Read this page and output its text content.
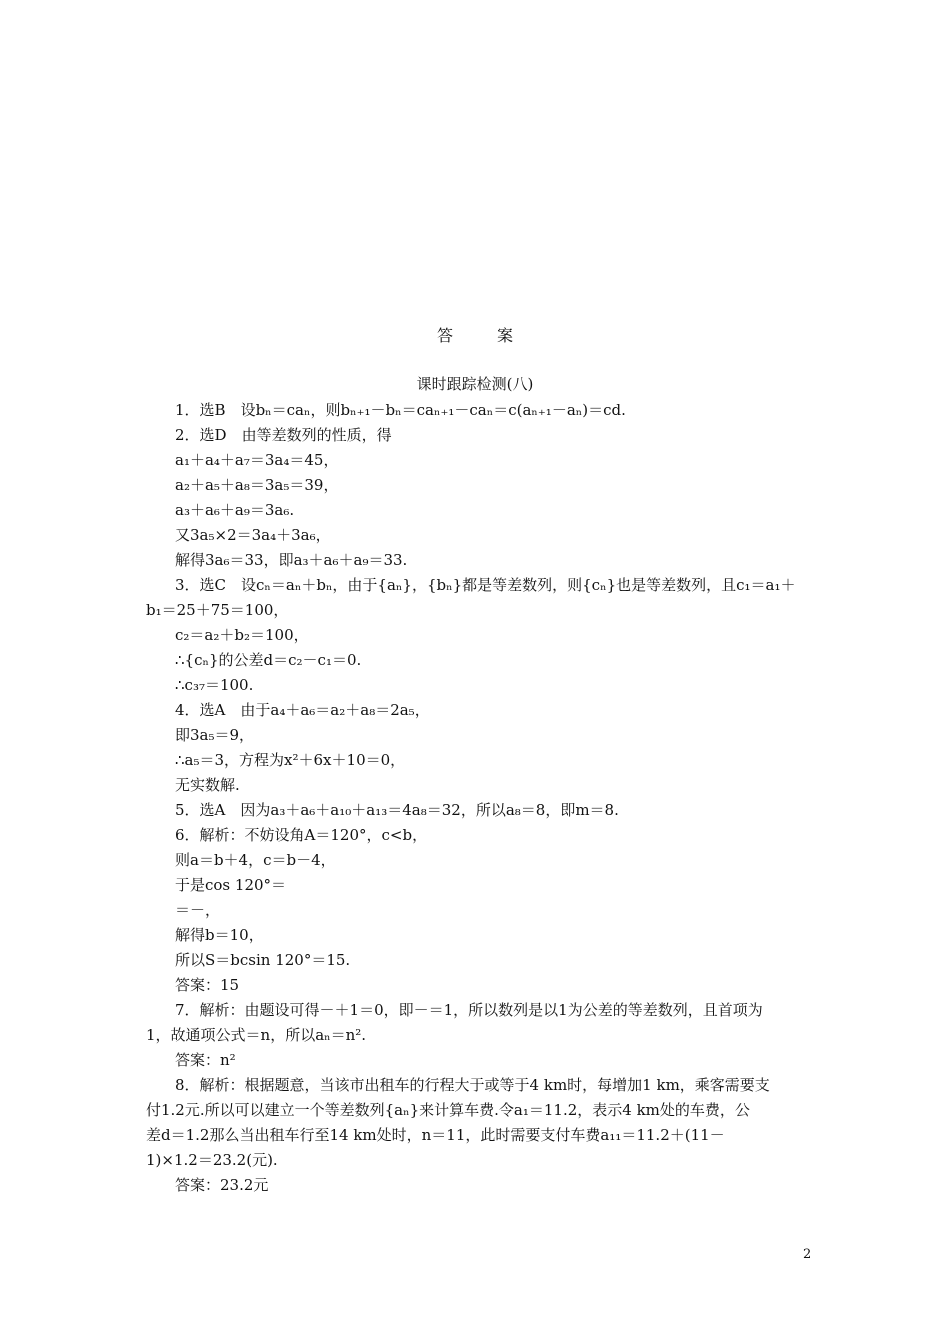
答　案
课时跟踪检测(八)
1．选B　设bₙ＝caₙ，则bₙ₊₁－bₙ＝caₙ₊₁－caₙ＝c(aₙ₊₁－aₙ)＝cd.
2．选D　由等差数列的性质，得
a₁＋a₄＋a₇＝3a₄＝45，
a₂＋a₅＋a₈＝3a₅＝39，
a₃＋a₆＋a₉＝3a₆.
又3a₅×2＝3a₄＋3a₆，
解得3a₆＝33，即a₃＋a₆＋a₉＝33.
3．选C　设cₙ＝aₙ＋bₙ，由于{aₙ}，{bₙ}都是等差数列，则{cₙ}也是等差数列，且c₁＝a₁＋
b₁＝25＋75＝100，
c₂＝a₂＋b₂＝100，
∴{cₙ}的公差d＝c₂－c₁＝0.
∴c₃₇＝100.
4．选A　由于a₄＋a₆＝a₂＋a₈＝2a₅，
即3a₅＝9，
∴a₅＝3，方程为x²＋6x＋10＝0，
无实数解.
5．选A　因为a₃＋a₆＋a₁₀＋a₁₃＝4a₈＝32，所以a₈＝8，即m＝8.
6．解析：不妨设角A＝120°，c<b，
则a＝b＋4，c＝b－4，
于是cos 120°＝
＝－，
解得b＝10，
所以S＝bcsin 120°＝15.
答案：15
7．解析：由题设可得－＋1＝0，即－＝1，所以数列是以1为公差的等差数列，且首项为
1，故通项公式＝n，所以aₙ＝n².
答案：n²
8．解析：根据题意，当该市出租车的行程大于或等于4 km时，每增加1 km，乘客需要支
付1.2元.所以可以建立一个等差数列{aₙ}来计算车费.令a₁＝11.2，表示4 km处的车费，公
差d＝1.2那么当出租车行至14 km处时，n＝11，此时需要支付车费a₁₁＝11.2＋(11－
1)×1.2＝23.2(元).
答案：23.2元
2
